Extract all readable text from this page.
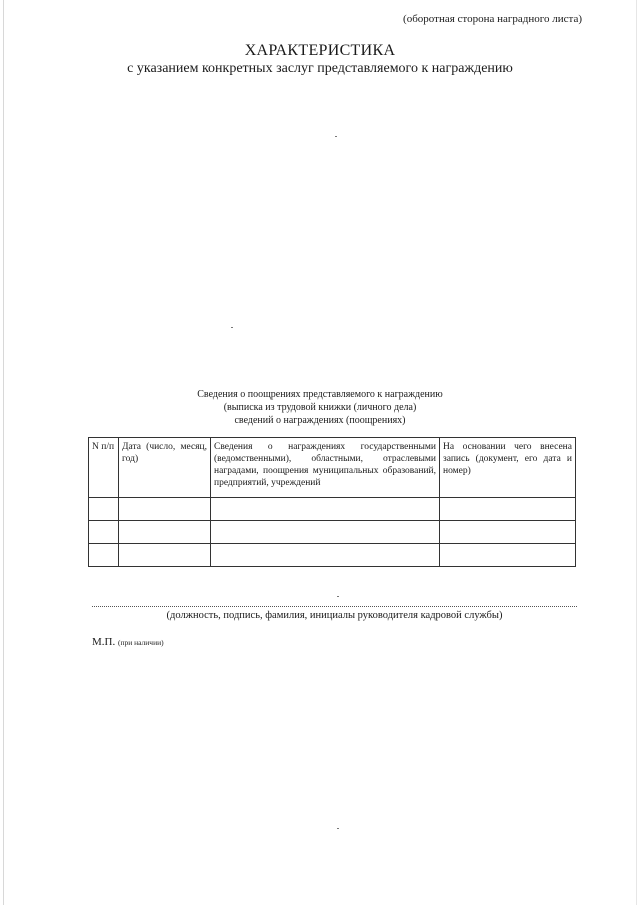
(оборотная сторона наградного листа)
ХАРАКТЕРИСТИКА
с указанием конкретных заслуг представляемого к награждению
Сведения о поощрениях представляемого к награждению
(выписка из трудовой книжки (личного дела)
сведений о награждениях (поощрениях)
N п/п	Дата (число, месяц, год)	Сведения о награждениях государственными (ведомственными), областными, отраслевыми наградами, поощрения муниципальных образований, предприятий, учреждений	На основании чего внесена запись (документ, его дата и номер)

(должность, подпись, фамилия, инициалы руководителя кадровой службы)
М.П. (при наличии)
